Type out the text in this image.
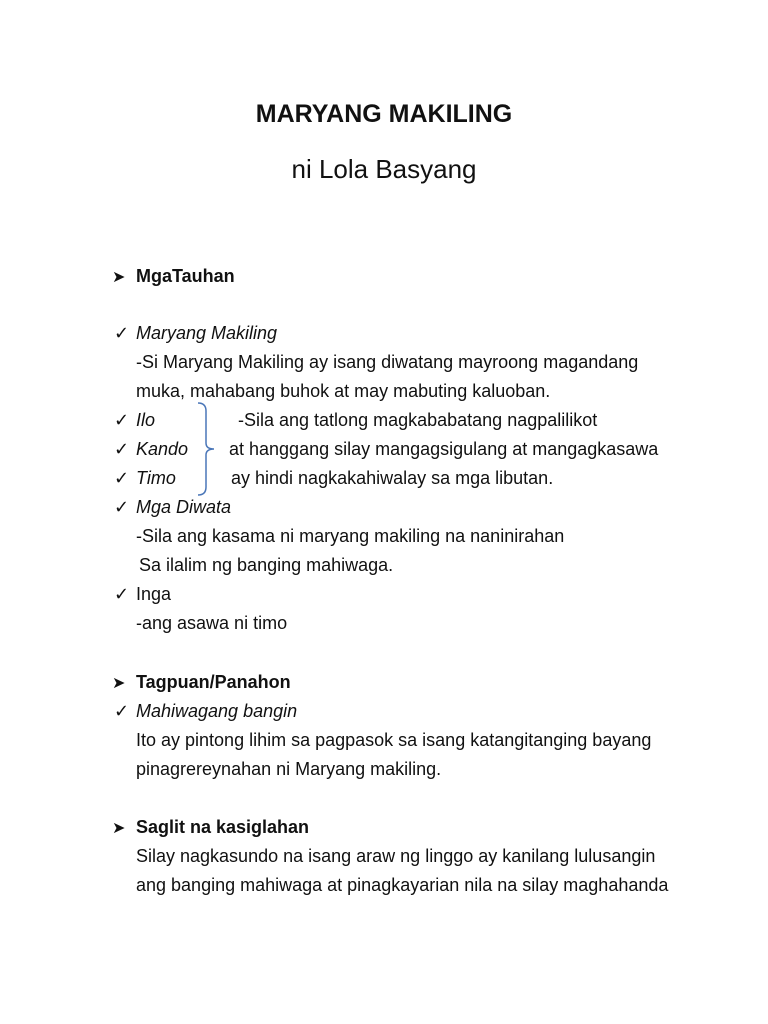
MARYANG MAKILING
ni Lola Basyang
➤ MgaTauhan
✓ Maryang Makiling
-Si Maryang Makiling ay isang diwatang mayroong magandang
muka, mahabang buhok at may mabuting kaluoban.
✓ Ilo	-Sila ang tatlong magkababatang nagpalilikot
✓ Kando at hanggang silay mangagsigulang at mangagkasawa
✓ Timo	ay hindi nagkakahiwalay sa mga libutan.
✓ Mga Diwata
-Sila ang kasama ni maryang makiling na naninirahan
Sa ilalim ng banging mahiwaga.
✓ Inga
-ang asawa ni timo
➤ Tagpuan/Panahon
✓ Mahiwagang bangin
Ito ay pintong lihim sa pagpasok sa isang katangitanging bayang
pinagrereynahan ni Maryang makiling.
➤ Saglit na kasiglahan
Silay nagkasundo na isang araw ng linggo ay kanilang lulusangin
ang banging mahiwaga at pinagkayarian nila na silay maghahanda
